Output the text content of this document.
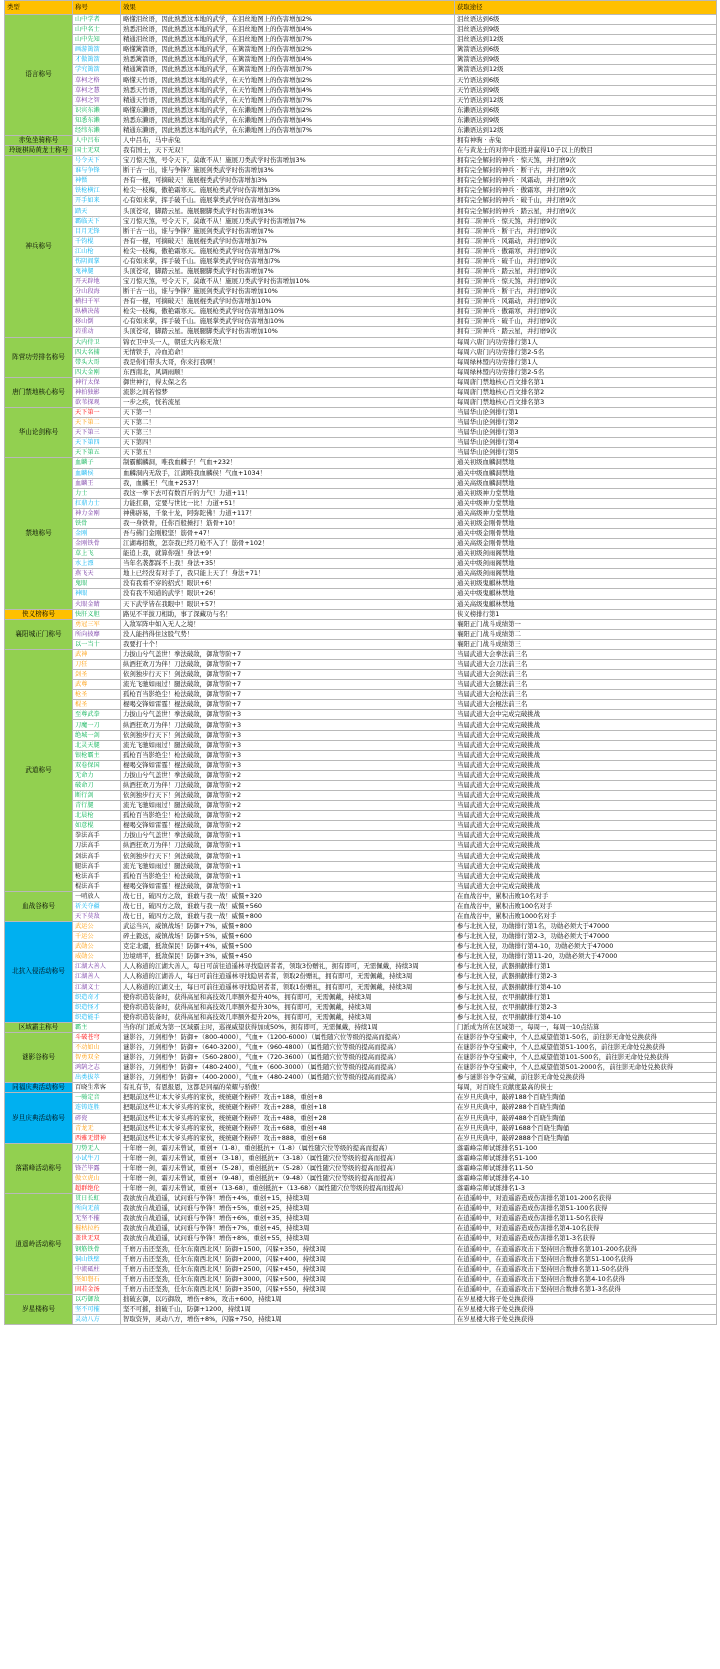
类型	称号	效果	获取途径
语言称号	山中学者	略懂泪丝语，因此熟悉这本地的武学，在泪丝地图上的伤害增加2%	泪丝语达到6级
	山中名士	熟悉泪丝语，因此熟悉这本地的武学，在泪丝地图上的伤害增加4%	泪丝语达到9级
	山中先知	精通泪丝语，因此熟悉这本地的武学，在泪丝地图上的伤害增加7%	泪丝语达到12级
	画游篱箭	略懂篱箭语，因此熟悉这本地的武学，在篱箭地图上的伤害增加2%	篱箭语达到6级
	才傲篱箭	熟悉篱箭语，因此熟悉这本地的武学，在篱箭地图上的伤害增加4%	篱箭语达到9级
	学究篱箭	精通篱箭语，因此熟悉这本地的武学，在篱箭地图上的伤害增加7%	篱箭语达到12级
	草柯之格	略懂天竹语，因此熟悉这本地的武学，在天竹地图上的伤害增加2%	天竹语达到6级
	草柯之慧	熟悉天竹语，因此熟悉这本地的武学，在天竹地图上的伤害增加4%	天竹语达到9级
	草柯之智	精通天竹语，因此熟悉这本地的武学，在天竹地图上的伤害增加7%	天竹语达到12级
	识宾东濑	略懂东濑语，因此熟悉这本地的武学，在东濑地图上的伤害增加2%	东濑语达到6级
	知悉东濑	熟悉东濑语，因此熟悉这本地的武学，在东濑地图上的伤害增加4%	东濑语达到9级
	经纬东濑	精通东濑语，因此熟悉这本地的武学，在东濑地图上的伤害增加7%	东濑语达到12级
赤兔坐骑称号	人中吕布	人中吕布，马中赤兔	拥有神驹 · 赤兔
玲珑棋局黄龙士称号	国士无双	我有国士，天下无双！	在与黄龙士的对弈中获胜并赢得10子以上的数目
神兵称号	号令天下	宝刀惊天煞，号令天下，莫敢不从！施展刀类武学时伤害增加3%	拥有完全解封的神兵 · 惊天煞，并打磨9次
	谁与争锋	断干古一出，谁与争锋？施展剑类武学时伤害增加3%	拥有完全解封的神兵 · 断干古，并打磨9次
	神慑	吾有一棍，可摘破天！施展棍类武学时伤害增加3%	拥有完全解封的神兵 · 风霜动，并打磨9次
	铁枪横江	枪尖一枝梅，傲艳霜寒天。施展枪类武学时伤害增加3%	拥有完全解封的神兵 · 傲霜寒，并打磨9次
	开手如来	心有如来掌，挥手破千山。施展掌类武学时伤害增加3%	拥有完全解封的神兵 · 破千山，并打磨9次
	踏天	头顶苍穹，脚踏云星。施展腿脚类武学时伤害增加3%	拥有完全解封的神兵 · 踏云星，并打磨9次
	霸临天下	宝刀惊天煞，号令天下，莫敢不从！施展刀类武学时伤害增加7%	拥有二阶神兵 · 惊天煞，并打磨9次
	目月无锋	断干古一出，谁与争锋？施展剑类武学时伤害增加7%	拥有二阶神兵 · 断干古，并打磨9次
	千钧棍	吾有一棍，可摘破天！施展棍类武学时伤害增加7%	拥有二阶神兵 · 风霜动，并打磨9次
	江山枪	枪尖一枝梅，傲艳霜寒天。施展枪类武学时伤害增加7%	拥有二阶神兵 · 傲霜寒，并打磨9次
	伤阴阎掌	心有如来掌，挥手破千山。施展掌类武学时伤害增加7%	拥有二阶神兵 · 破千山，并打磨9次
	鬼神腿	头顶苍穹，脚踏云星。施展腿脚类武学时伤害增加7%	拥有二阶神兵 · 踏云星，并打磨9次
	开天辟地	宝刀惊天煞，号令天下，莫敢不从！施展刀类武学时伤害增加10%	拥有三阶神兵 · 惊天煞，并打磨9次
	分山段海	断干古一出，谁与争锋？施展剑类武学时伤害增加10%	拥有三阶神兵 · 断干古，并打磨9次
	横扫千军	吾有一棍，可摘破天！施展棍类武学时伤害增加10%	拥有三阶神兵 · 风霜动，并打磨9次
	纵横决荡	枪尖一枝梅，傲艳霜寒天。施展枪类武学时伤害增加10%	拥有三阶神兵 · 傲霜寒，并打磨9次
	移山倒	心有如来掌，挥手破千山。施展掌类武学时伤害增加10%	拥有三阶神兵 · 破千山，并打磨9次
	岩重动	头顶苍穹，脚踏云星。施展腿脚类武学时伤害增加10%	拥有三阶神兵 · 踏云星，并打磨9次
阵营功劳排名称号	大内侍卫	锦衣卫中头一人，朝廷大内称无敌！	每周六唐门内功劳排行第1人
	四大名捕	无情铁手，冷血追命！	每周六唐门内功劳排行第2-5名
	带头大哥	我是你们带头大哥，你来打我啊！	每周绿林盟内功劳排行第1人
	四大金刚	东西南北，风调雨顺！	每周绿林盟内功劳排行第2-5名
唐门禁地核心称号	神行太保	御世神行，得太保之名	每周唐门禁地核心百文排名第1
	神拍独影	流影之间若惊梦	每周唐门禁地核心百文排名第2
	欲苇探观	一步之疾，恍若流星	每周唐门禁地核心百文排名第3
华山论剑称号	天下第一	天下第一！	当届华山论剑排行第1
	天下第二	天下第二！	当届华山论剑排行第2
	天下第三	天下第三！	当届华山论剑排行第3
	天下第四	天下第四！	当届华山论剑排行第4
	天下第五	天下第五！	当届华山论剑排行第5
禁地称号	血麟子	制霸麒麟洞，唯我血麟子！气血+232！	通关初级血麟洞禁地
	血麟侯	血麟洞内无敌手，江湖唯我血麟侯！气血+1034！	通关中级血麟洞禁地
	血麟王	我，血麟王！气血+2537！	通关高级血麟洞禁地
	力士	我这一拳下去可有数百斤的力气！力道+11！	通关初级神力堂禁地
	扛鼎力士	力能扛鼎，定要与世比一比！力道+51！	通关中级神力堂禁地
	神力金刚	神佛辟易，千象十龙，阿弥陀佛！力道+117！	通关高级神力堂禁地
	铁骨	我一身铁骨，任你百般捶打！筋骨+10！	通关初级金刚骨禁地
	金刚	吾与佛门金刚般坚！筋骨+47！	通关中级金刚骨禁地
	金刚铁骨	江湖毒招数，怎奈我已经刀枪不入了！筋骨+102！	通关高级金刚骨禁地
	草上飞	能追上我，就算你强！身法+9！	通关初级剑雨阁禁地
	水上漂	当年名袭都踩不上我！身法+35！	通关中级剑雨阁禁地
	燕飞天	地上已经没有对手了，我只能上天了！身法+71！	通关高级剑雨阁禁地
	鬼眼	没有我看不穿的招式！眼识+6！	通关初级鬼麒林禁地
	神眼	没有我不知道的武学！眼识+26！	通关中级鬼麒林禁地
	火眼金睛	天下武学皆在我眼中！眼识+57！	通关高级鬼麒林禁地
侠义榜称号	快肝义胆	路见不平拔刀相助，事了深藏功与名！	侠义榜排行第1
襄阳城正门称号	勇冠三军	入敌军阵中如入无人之境！	襄阳正门战斗成绩第一
	所向披靡	没人能挡得住这股气势！	襄阳正门战斗成绩第二
	以一当十	我要打十个！	襄阳正门战斗成绩第三
武道称号	武神	力拔山兮气盖世！拳法破敌，御敌等阶+7	当届武道大会拳法前三名
	刀狂	纵酒狂欢刀为伴！刀法破敌，御敌等阶+7	当届武道大会刀法前三名
	剑圣	依剑独步行天下！剑法破敌，御敌等阶+7	当届武道大会剑法前三名
	武尊	流光飞驰如雨过！腿法破敌，御敌等阶+7	当届武道大会腿法前三名
	枪圣	孤枪百当影绝尘！枪法破敌，御敌等阶+7	当届武道大会枪法前三名
	棍圣	棍喝交锋如雷霆！棍法破敌，御敌等阶+7	当届武道大会棍法前三名
	至尊武拳	力拔山兮气盖世！拳法破敌，御敌等阶+3	当届武道大会中完成完破挑战
	刀魔一刀	纵酒狂欢刀为伴！刀法破敌，御敌等阶+3	当届武道大会中完成完破挑战
	绝城一剑	依剑独步行天下！剑法破敌，御敌等阶+3	当届武道大会中完成完破挑战
	北灵天腿	流光飞驰如雨过！腿法破敌，御敌等阶+3	当届武道大会中完成完破挑战
	银枪霸主	孤枪百当影绝尘！枪法破敌，御敌等阶+3	当届武道大会中完成完破挑战
	双卷保国	棍喝交锋如雷霆！棍法破敌，御敌等阶+3	当届武道大会中完成完破挑战
	无命力	力拔山兮气盖世！拳法破敌，御敌等阶+2	当届武道大会中完成完破挑战
	破命刀	纵酒狂欢刀为伴！刀法破敌，御敌等阶+2	当届武道大会中完成完破挑战
	断行剑	依剑独步行天下！剑法破敌，御敌等阶+2	当届武道大会中完成完破挑战
	青行腿	流光飞驰如雨过！腿法破敌，御敌等阶+2	当届武道大会中完成完破挑战
	北晨枪	孤枪百当影绝尘！枪法破敌，御敌等阶+2	当届武道大会中完成完破挑战
	如意棍	棍喝交锋如雷霆！棍法破敌，御敌等阶+2	当届武道大会中完成完破挑战
	拳法高手	力拔山兮气盖世！拳法破敌，御敌等阶+1	当届武道大会中完成完破挑战
	刀法高手	纵酒狂欢刀为伴！刀法破敌，御敌等阶+1	当届武道大会中完成完破挑战
	剑法高手	依剑独步行天下！剑法破敌，御敌等阶+1	当届武道大会中完成完破挑战
	腿法高手	流光飞驰如雨过！腿法破敌，御敌等阶+1	当届武道大会中完成完破挑战
	枪法高手	孤枪百当影绝尘！枪法破敌，御敌等阶+1	当届武道大会中完成完破挑战
	棍法高手	棍喝交锋如雷霆！棍法破敌，御敌等阶+1	当届武道大会中完成完破挑战
血战谷称号	一哨放人	战七日，破四方之敌，谁敢与我一战！威慑+320	在血战谷中，累积击败10名对手
	祈关夺疆	战七日，破四方之敌，谁敢与我一战！威慑+560	在血战谷中，累积击败100名对手
	天下莫敌	战七日，破四方之敌，谁敢与我一战！威慑+800	在血战谷中，累积击败1000名对手
北抗入侵活动称号	武运公	武运当兴，威镇战场！防御+7%，威慑+800	参与北抗入侵，功勋排行第1名，功勋必须大于47000
	千运公	碎土毅远，威镇战场！防御+5%，威慑+600	参与北抗入侵，功勋排行第2-3，功勋必须大于47000
	武勋公	克定北疆，抵敌保民！防御+4%，威慑+500	参与北抗入侵，功勋排行第4-10，功勋必须大于47000
	威勋公	边境靖平，抵敌保民！防御+3%，威慑+450	参与北抗入侵，功勋排行第11-20，功勋必须大于47000
	江湖大善人	人人称道的江湖大善人，每日可前往逍遥林寻找隐居者者，领取3份赠礼，拥有即可，无需佩戴，持续3周	参与北抗入侵，武器捐献排行第1
	江湖善人	人人称道的江湖善人，每日可前往逍遥林寻找隐居者者，领取2份赠礼，拥有即可，无需佩戴，持续3周	参与北抗入侵，武器捐献排行第2-3
	江湖义士	人人称道的江湖义士，每日可前往逍遥林寻找隐居者者，领取1份赠礼，拥有即可，无需佩戴，持续3周	参与北抗入侵，武器捐献排行第4-10
	织造奇才	使你织造装备时，获得高星和高技效几率额外提升40%，拥有即可，无需佩戴，持续3周	参与北抗入侵，衣甲捐献排行第1
	织造怪才	使你织造装备时，获得高星和高技效几率额外提升30%，拥有即可，无需佩戴，持续3周	参与北抗入侵，衣甲捐献排行第2-3
	织造能手	使你织造装备时，获得高星和高技效几率额外提升20%，拥有即可，无需佩戴，持续3周	参与北抗入侵，衣甲捐献排行第4-10
区域霸主称号	霸主	当你的门派成为第一区域霸主时，巡视威望获得加成50%，拥有即可，无需佩戴，持续1周	门派成为所在区域第一，每周一，每周一10点结算
谜影谷称号	斗破苍穹	谜影谷，刀剑相争！防御+（800-4000），气血+（1200-6000）（属性随穴位等级的提高而提高）	在谜影谷争夺宝藏中，个人总威望值第1-50名，前往影无命处兑换获得
	不动如山	谜影谷，刀剑相争！防御+（640-3200），气血+（960-4800）（属性随穴位等级的提高而提高）	在谜影谷争夺宝藏中，个人总威望值第51-100名，前往影无命处兑换获得
	智勇双全	谜影谷，刀剑相争！防御+（560-2800），气血+（720-3600）（属性随穴位等级的提高而提高）	在谜影谷争夺宝藏中，个人总威望值第101-500名，前往影无命处兑换获得
	鸿鹄之志	谜影谷，刀剑相争！防御+（480-2400），气血+（600-3000）（属性随穴位等级的提高而提高）	在谜影谷争夺宝藏中，个人总威望值第501-2000名，前往影无命处兑换获得
	出类拔萃	谜影谷，刀剑相争！防御+（400-2000），气血+（480-2400）（属性随穴位等级的提高而提高）	参与谜影谷争夺宝藏，前往影无命处兑换获得
同福庆典活动称号	百晓生常客	有礼有节，有恩报恩，这都是同福的荣耀与骄傲！	每周，对百晓生贡献度最高的侠士
岁旦庆典活动称号	一骑定音	把眼前这些让本大爷头疼的家伙，统统砸个粉碎！攻击+188，重创+8	在岁旦庆典中，敲碎188个百晓生陶俑
	连铸连胜	把眼前这些让本大爷头疼的家伙，统统砸个粉碎！攻击+288，重创+18	在岁旦庆典中，敲碎288个百晓生陶俑
	碎瓷	把眼前这些让本大爷头疼的家伙，统统砸个粉碎！攻击+488，重创+28	在岁旦庆典中，敲碎488个百晓生陶俑
	青龙无	把眼前这些让本大爷头疼的家伙，统统砸个粉碎！攻击+688，重创+48	在岁旦庆典中，敲碎1688个百晓生陶俑
	西雅无错神	把眼前这些让本大爷头疼的家伙，统统砸个粉碎！攻击+888，重创+68	在岁旦庆典中，敲碎2888个百晓生陶俑
落霜峰活动称号	刀势无人	十年磨一剑，霜刃未曾试，重创+（1-8），重创抵抗+（1-8）（属性随穴位等级的提高而提高）	落霜峰宗师试练排名51-100
	小试牛刀	十年磨一剑，霜刃未曾试，重创+（3-18），重创抵抗+（3-18）（属性随穴位等级的提高而提高）	落霜峰宗师试练排名51-100
	锋芒毕露	十年磨一剑，霜刃未曾试，重创+（5-28），重创抵抗+（5-28）（属性随穴位等级的提高而提高）	落霜峰宗师试练排名11-50
	傲立虎山	十年磨一剑，霜刃未曾试，重创+（9-48），重创抵抗+（9-48）（属性随穴位等级的提高而提高）	落霜峰宗师试练排名4-10
	超群绝伦	十年磨一剑，霜刃未曾试，重创+（13-68），重创抵抗+（13-68）（属性随穴位等级的提高而提高）	落霜峰宗师试练排名1-3
逍遥岭活动称号	贯日长虹	我欲放自战逍遥，试问谁与争锋！增伤+4%，重创+15，持续3周	在逍遥岭中，对逍遥游造成伤害排名第101-200名获得
	所向无前	我欲放自战逍遥，试问谁与争锋！增伤+5%，重创+25，持续3周	在逍遥岭中，对逍遥游造成伤害排名第51-100名获得
	无坚不摧	我欲放自战逍遥，试问谁与争锋！增伤+6%，重创+35，持续3周	在逍遥岭中，对逍遥游造成伤害排名第11-50名获得
	摧枯拉朽	我欲放自战逍遥，试问谁与争锋！增伤+7%，重创+45，持续3周	在逍遥岭中，对逍遥游造成伤害排名第4-10名获得
	盖世无双	我欲放自战逍遥，试问谁与争锋！增伤+8%，重创+55，持续3周	在逍遥岭中，对逍遥游造成伤害排名第1-3名获得
	钢筋铁骨	千磨万击还坚劲，任尔东南西北风！防御+1500，闪躲+350，持续3周	在逍遥岭中，在逍遥游攻击下坚持回合数排名第101-200名获得
	铜山铁壁	千磨万击还坚劲，任尔东南西北风！防御+2000，闪躲+400，持续3周	在逍遥岭中，在逍遥游攻击下坚持回合数排名第51-100名获得
	中流砥柱	千磨万击还坚劲，任尔东南西北风！防御+2500，闪躲+450，持续3周	在逍遥岭中，在逍遥游攻击下坚持回合数排名第11-50名获得
	坚如磐石	千磨万击还坚劲，任尔东南西北风！防御+3000，闪躲+500，持续3周	在逍遥岭中，在逍遥游攻击下坚持回合数排名第4-10名获得
	固若金汤	千磨万击还坚劲，任尔东南西北风！防御+3500，闪躲+550，持续3周	在逍遥岭中，在逍遥游攻击下坚持回合数排名第1-3名获得
岁星楼称号	以巧御敌	拙破玄御，以巧御敌，增伤+8%，攻击+600，持续1周	在岁星楼大将子处兑换获得
	坚不可摧	坚不可摧，拙破千山，防御+1200，持续1周	在岁星楼大将子处兑换获得
	灵动八方	智取资异，灵动八方，增伤+8%，闪躲+750，持续1周	在岁星楼大将子处兑换获得
